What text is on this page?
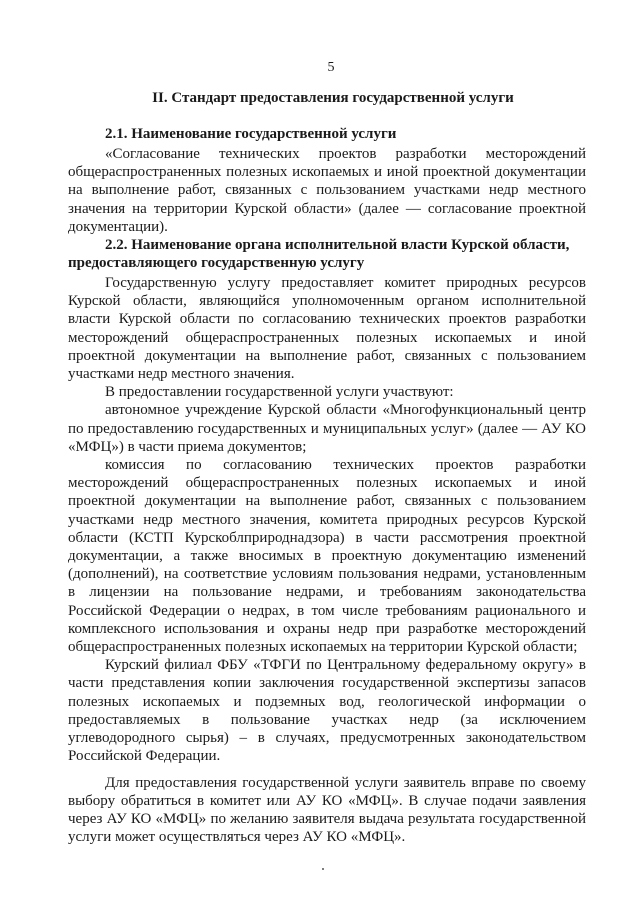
5
II. Стандарт предоставления государственной услуги

2.1. Наименование государственной услуги

«Согласование технических проектов разработки месторождений общераспространенных полезных ископаемых и иной проектной документации на выполнение работ, связанных с пользованием участками недр местного значения на территории Курской области» (далее — согласование проектной документации).

2.2. Наименование органа исполнительной власти Курской области, предоставляющего государственную услугу

Государственную услугу предоставляет комитет природных ресурсов Курской области, являющийся уполномоченным органом исполнительной власти Курской области по согласованию технических проектов разработки месторождений общераспространенных полезных ископаемых и иной проектной документации на выполнение работ, связанных с пользованием участками недр местного значения.

В предоставлении государственной услуги участвуют:

автономное учреждение Курской области «Многофункциональный центр по предоставлению государственных и муниципальных услуг» (далее — АУ КО «МФЦ») в части приема документов;

комиссия по согласованию технических проектов разработки месторождений общераспространенных полезных ископаемых и иной проектной документации на выполнение работ, связанных с пользованием участками недр местного значения, комитета природных ресурсов Курской области (КСТП Курскоблприроднадзора) в части рассмотрения проектной документации, а также вносимых в проектную документацию изменений (дополнений), на соответствие условиям пользования недрами, установленным в лицензии на пользование недрами, и требованиям законодательства Российской Федерации о недрах, в том числе требованиям рационального и комплексного использования и охраны недр при разработке месторождений общераспространенных полезных ископаемых на территории Курской области;

Курский филиал ФБУ «ТФГИ по Центральному федеральному округу» в части представления копии заключения государственной экспертизы запасов полезных ископаемых и подземных вод, геологической информации о предоставляемых в пользование участках недр (за исключением углеводородного сырья) – в случаях, предусмотренных законодательством Российской Федерации.

Для предоставления государственной услуги заявитель вправе по своему выбору обратиться в комитет или АУ КО «МФЦ». В случае подачи заявления через АУ КО «МФЦ» по желанию заявителя выдача результата государственной услуги может осуществляться через АУ КО «МФЦ».
